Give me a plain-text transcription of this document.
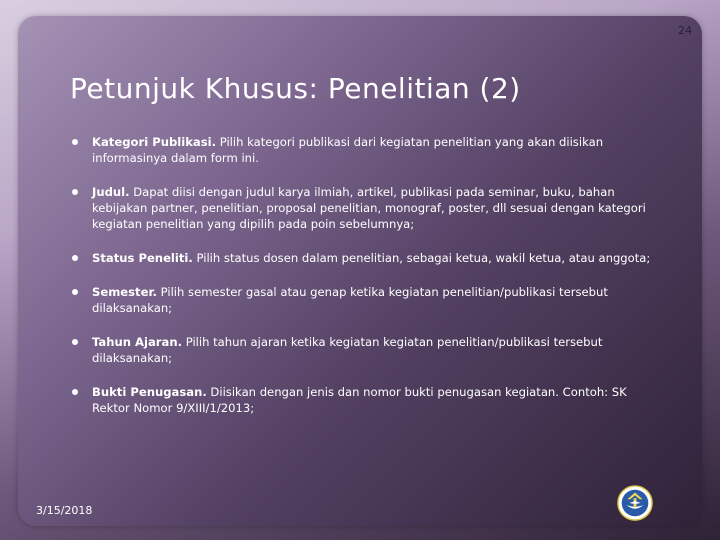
24
Petunjuk Khusus: Penelitian (2)
Kategori Publikasi. Pilih kategori publikasi dari kegiatan penelitian yang akan diisikan informasinya dalam form ini.
Judul. Dapat diisi dengan judul karya ilmiah, artikel, publikasi pada seminar, buku, bahan kebijakan partner, penelitian, proposal penelitian, monograf, poster, dll sesuai dengan kategori kegiatan penelitian yang dipilih pada poin sebelumnya;
Status Peneliti. Pilih status dosen dalam penelitian, sebagai ketua, wakil ketua, atau anggota;
Semester. Pilih semester gasal atau genap ketika kegiatan penelitian/publikasi tersebut dilaksanakan;
Tahun Ajaran. Pilih tahun ajaran ketika kegiatan kegiatan penelitian/publikasi tersebut dilaksanakan;
Bukti Penugasan. Diisikan dengan jenis dan nomor bukti penugasan kegiatan. Contoh: SK Rektor Nomor 9/XIII/1/2013;
3/15/2018
